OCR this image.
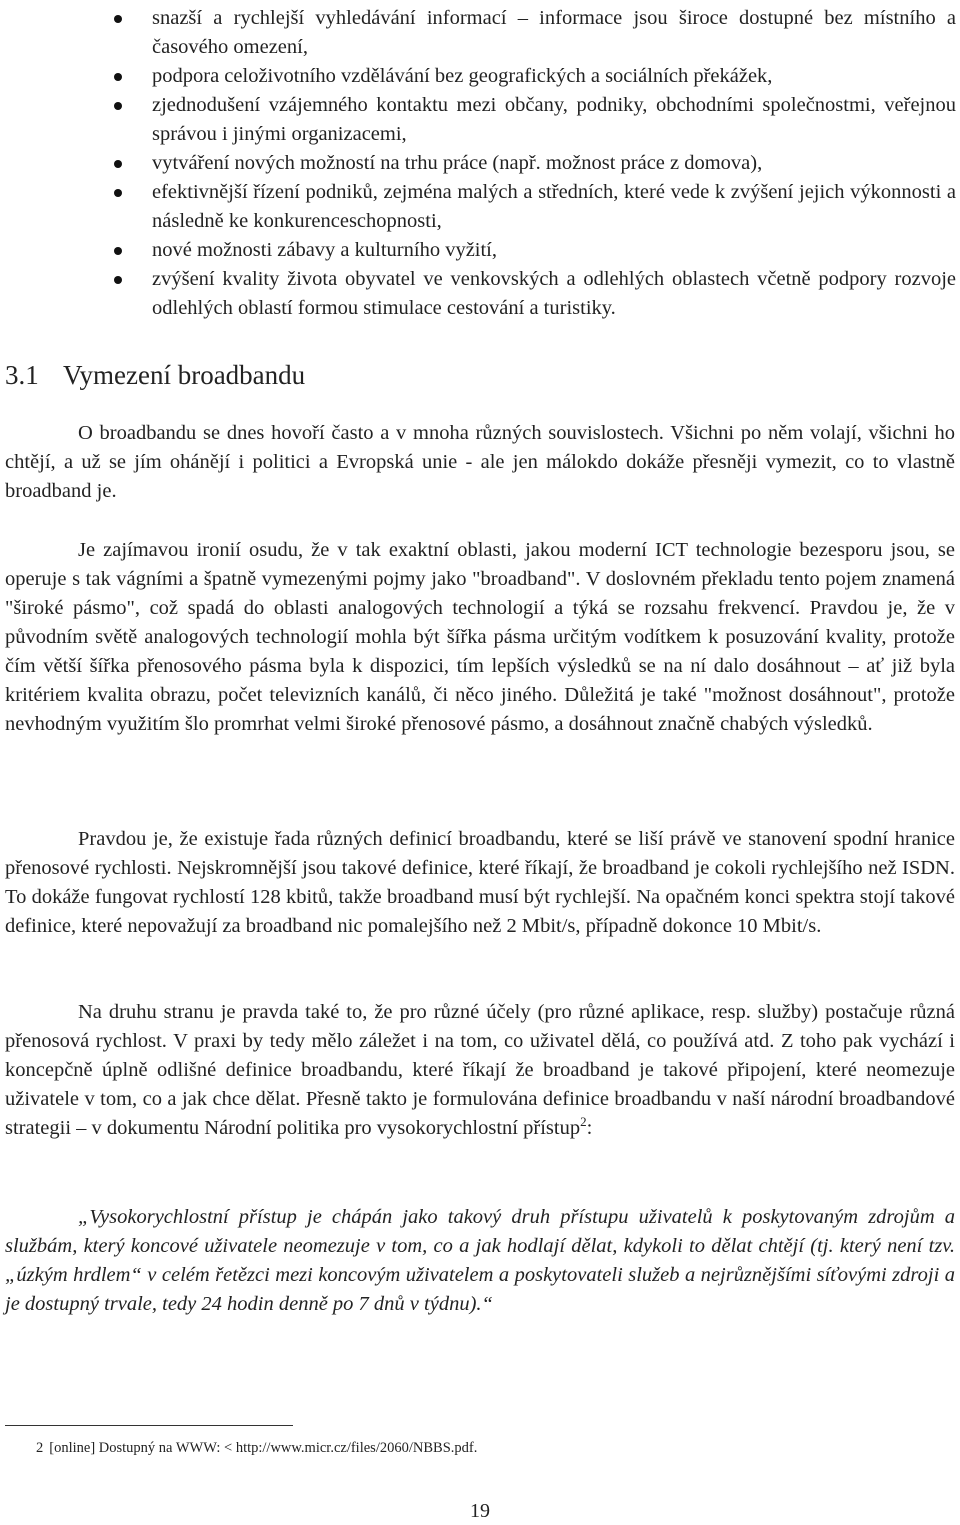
snazší a rychlejší vyhledávání informací – informace jsou široce dostupné bez místního a časového omezení,
podpora celoživotního vzdělávání bez geografických a sociálních překážek,
zjednodušení vzájemného kontaktu mezi občany, podniky, obchodními společnostmi, veřejnou správou i jinými organizacemi,
vytváření nových možností na trhu práce (např. možnost práce z domova),
efektivnější řízení podniků, zejména malých a středních, které vede k zvýšení jejich výkonnosti a následně ke konkurenceschopnosti,
nové možnosti zábavy a kulturního vyžití,
zvýšení kvality života obyvatel ve venkovských a odlehlých oblastech včetně podpory rozvoje odlehlých oblastí formou stimulace cestování a turistiky.
3.1 Vymezení broadbandu

O broadbandu se dnes hovoří často a v mnoha různých souvislostech. Všichni po něm volají, všichni ho chtějí, a už se jím ohánějí i politici a Evropská unie - ale jen málokdo dokáže přesněji vymezit, co to vlastně broadband je.

Je zajímavou ironií osudu, že v tak exaktní oblasti, jakou moderní ICT technologie bezesporu jsou, se operuje s tak vágními a špatně vymezenými pojmy jako "broadband". V doslovném překladu tento pojem znamená "široké pásmo", což spadá do oblasti analogových technologií a týká se rozsahu frekvencí. Pravdou je, že v původním světě analogových technologií mohla být šířka pásma určitým vodítkem k posuzování kvality, protože čím větší šířka přenosového pásma byla k dispozici, tím lepších výsledků se na ní dalo dosáhnout – ať již byla kritériem kvalita obrazu, počet televizních kanálů, či něco jiného. Důležitá je také "možnost dosáhnout", protože nevhodným využitím šlo promrhat velmi široké přenosové pásmo, a dosáhnout značně chabých výsledků.

Pravdou je, že existuje řada různých definicí broadbandu, které se liší právě ve stanovení spodní hranice přenosové rychlosti. Nejskromnější jsou takové definice, které říkají, že broadband je cokoli rychlejšího než ISDN. To dokáže fungovat rychlostí 128 kbitů, takže broadband musí být rychlejší. Na opačném konci spektra stojí takové definice, které nepovažují za broadband nic pomalejšího než 2 Mbit/s, případně dokonce 10 Mbit/s.

Na druhu stranu je pravda také to, že pro různé účely (pro různé aplikace, resp. služby) postačuje různá přenosová rychlost. V praxi by tedy mělo záležet i na tom, co uživatel dělá, co používá atd. Z toho pak vychází i koncepčně úplně odlišné definice broadbandu, které říkají že broadband je takové připojení, které neomezuje uživatele v tom, co a jak chce dělat. Přesně takto je formulována definice broadbandu v naší národní broadbandové strategii – v dokumentu Národní politika pro vysokorychlostní přístup$^2$:

„Vysokorychlostní přístup je chápán jako takový druh přístupu uživatelů k poskytovaným zdrojům a službám, který koncové uživatele neomezuje v tom, co a jak hodlají dělat, kdykoli to dělat chtějí (tj. který není tzv. „úzkým hrdlem“ v celém řetězci mezi koncovým uživatelem a poskytovateli služeb a nejrůznějšími síťovými zdroji a je dostupný trvale, tedy 24 hodin denně po 7 dnů v týdnu).“

2 [online] Dostupný na WWW: < http://www.micr.cz/files/2060/NBBS.pdf.

19
